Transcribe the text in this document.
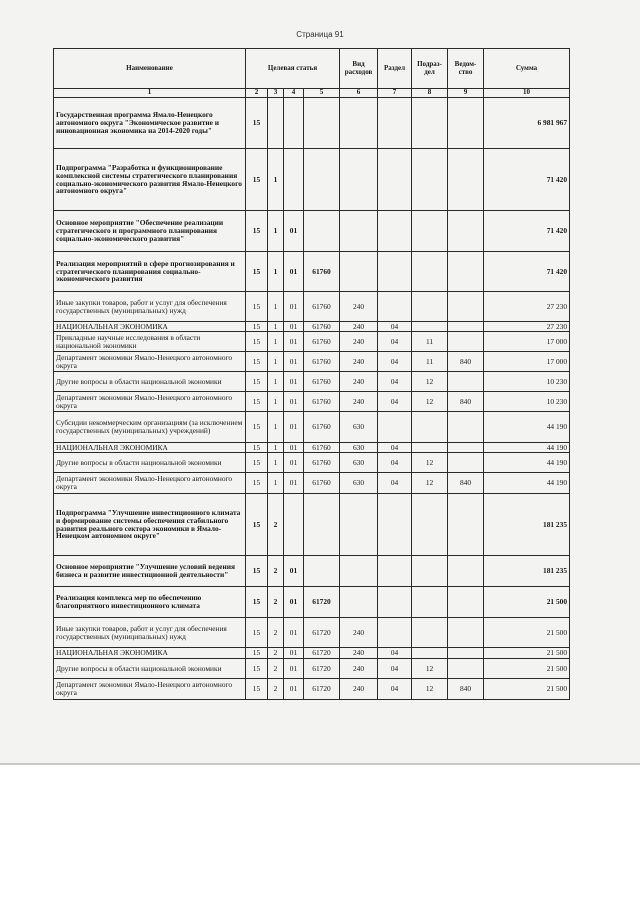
Страница 91
Наименование	Целевая статья				Вид расходов	Раздел	Подраз-дел	Ведом-ство	Сумма
1	2	3	4	5	6	7	8	9	10
Государственная программа Ямало-Ненецкого автономного округа "Экономическое развитие и инновационная экономика на 2014-2020 годы"	15								6 981 967
Подпрограмма "Разработка и функционирование комплексной системы стратегического планирования социально-экономического развития Ямало-Ненецкого автономного округа"	15	1							71 420
Основное мероприятие "Обеспечение реализации стратегического и программного планирования социально-экономического развития"	15	1	01						71 420
Реализация мероприятий в сфере прогнозирования и стратегического планирования социально-экономического развития	15	1	01	61760					71 420
Иные закупки товаров, работ и услуг для обеспечения государственных (муниципальных) нужд	15	1	01	61760	240				27 230
НАЦИОНАЛЬНАЯ ЭКОНОМИКА	15	1	01	61760	240	04			27 230
Прикладные научные исследования в области национальной экономики	15	1	01	61760	240	04	11		17 000
Департамент экономики Ямало-Ненецкого автономного округа	15	1	01	61760	240	04	11	840	17 000
Другие вопросы в области национальной экономики	15	1	01	61760	240	04	12		10 230
Департамент экономики Ямало-Ненецкого автономного округа	15	1	01	61760	240	04	12	840	10 230
Субсидии некоммерческим организациям (за исключением государственных (муниципальных) учреждений)	15	1	01	61760	630				44 190
НАЦИОНАЛЬНАЯ ЭКОНОМИКА	15	1	01	61760	630	04			44 190
Другие вопросы в области национальной экономики	15	1	01	61760	630	04	12		44 190
Департамент экономики Ямало-Ненецкого автономного округа	15	1	01	61760	630	04	12	840	44 190
Подпрограмма "Улучшение инвестиционного климата и формирование системы обеспечения стабильного развития реального сектора экономики в Ямало-Ненецком автономном округе"	15	2							181 235
Основное мероприятие "Улучшение условий ведения бизнеса и развитие инвестиционной деятельности"	15	2	01						181 235
Реализация комплекса мер по обеспечению благоприятного инвестиционного климата	15	2	01	61720					21 500
Иные закупки товаров, работ и услуг для обеспечения государственных (муниципальных) нужд	15	2	01	61720	240				21 500
НАЦИОНАЛЬНАЯ ЭКОНОМИКА	15	2	01	61720	240	04			21 500
Другие вопросы в области национальной экономики	15	2	01	61720	240	04	12		21 500
Департамент экономики Ямало-Ненецкого автономного округа	15	2	01	61720	240	04	12	840	21 500
